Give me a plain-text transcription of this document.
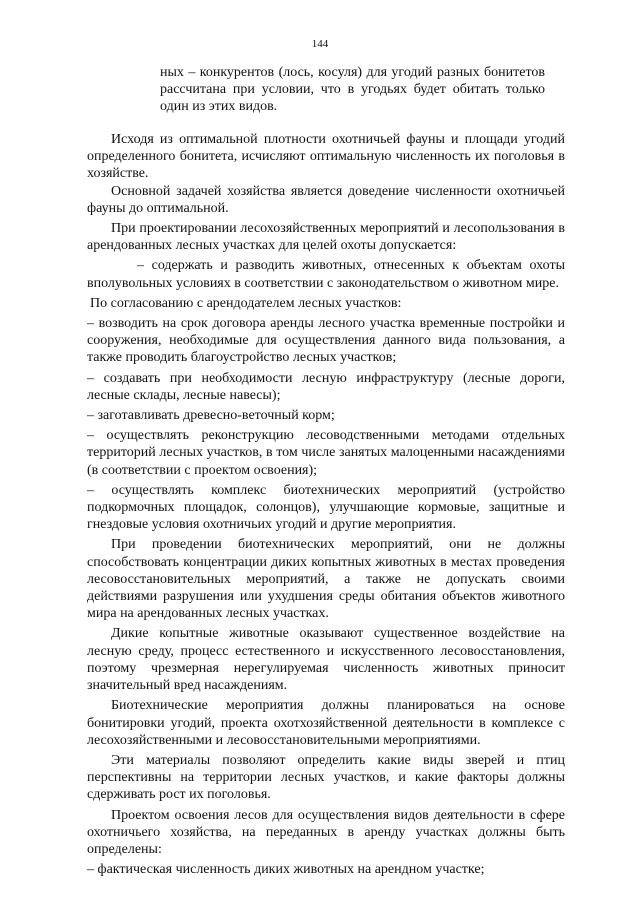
144

ных – конкурентов (лось, косуля) для угодий разных бонитетов рассчитана при условии, что в угодьях будет обитать только один из этих видов.

Исходя из оптимальной плотности охотничьей фауны и площади угодий определенного бонитета, исчисляют оптимальную численность их поголовья в хозяйстве.

Основной задачей хозяйства является доведение численности охотничьей фауны до оптимальной.

При проектировании лесохозяйственных мероприятий и лесопользования в арендованных лесных участках для целей охоты допускается:

– содержать и разводить животных, отнесенных к объектам охоты вполувольных условиях в соответствии с законодательством о животном мире.

По согласованию с арендодателем лесных участков:

– возводить на срок договора аренды лесного участка временные постройки и сооружения, необходимые для осуществления данного вида пользования, а также проводить благоустройство лесных участков;

– создавать при необходимости лесную инфраструктуру (лесные дороги, лесные склады, лесные навесы);

– заготавливать древесно-веточный корм;

– осуществлять реконструкцию лесоводственными методами отдельных территорий лесных участков, в том числе занятых малоценными насаждениями (в соответствии с проектом освоения);

– осуществлять комплекс биотехнических мероприятий (устройство подкормочных площадок, солонцов), улучшающие кормовые, защитные и гнездовые условия охотничьих угодий и другие мероприятия.

При проведении биотехнических мероприятий, они не должны способствовать концентрации диких копытных животных в местах проведения лесовосстановительных мероприятий, а также не допускать своими действиями разрушения или ухудшения среды обитания объектов животного мира на арендованных лесных участках.

Дикие копытные животные оказывают существенное воздействие на лесную среду, процесс естественного и искусственного лесовосстановления, поэтому чрезмерная нерегулируемая численность животных приносит значительный вред насаждениям.

Биотехнические мероприятия должны планироваться на основе бонитировки угодий, проекта охотхозяйственной деятельности в комплексе с лесохозяйственными и лесовосстановительными мероприятиями.

Эти материалы позволяют определить какие виды зверей и птиц перспективны на территории лесных участков, и какие факторы должны сдерживать рост их поголовья.

Проектом освоения лесов для осуществления видов деятельности в сфере охотничьего хозяйства, на переданных в аренду участках должны быть определены:

– фактическая численность диких животных на арендном участке;
